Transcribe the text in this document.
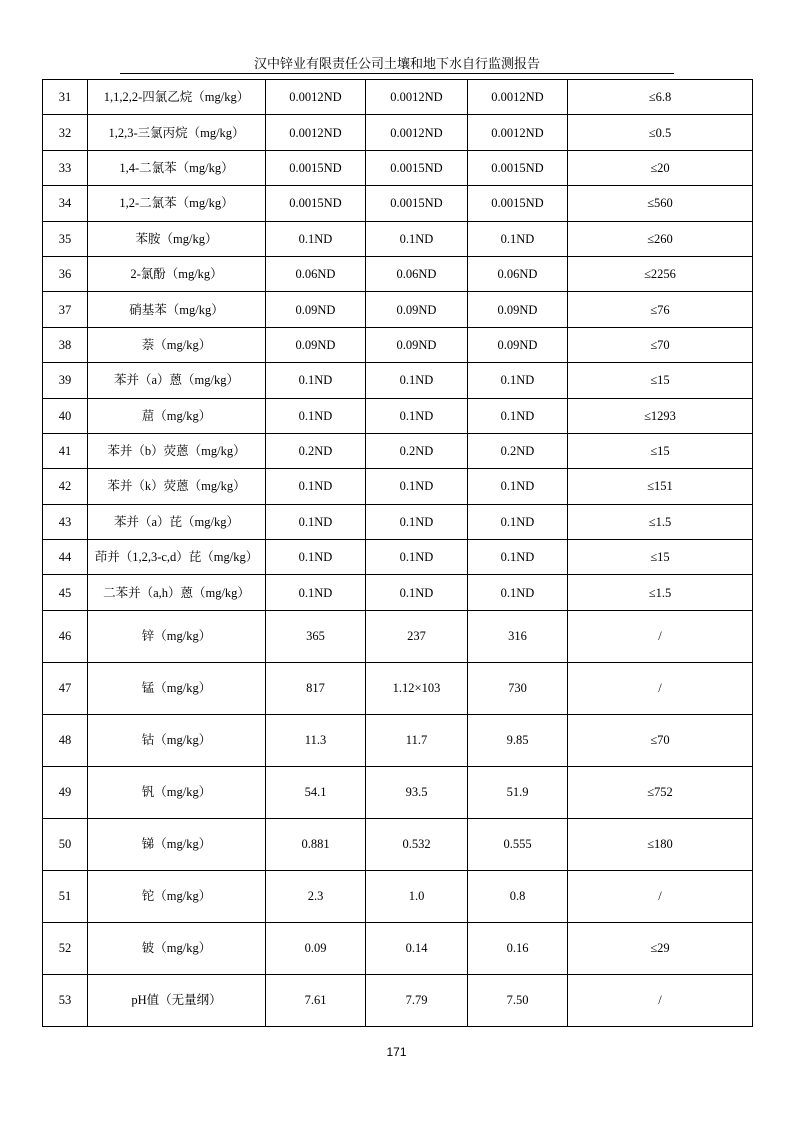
汉中锌业有限责任公司土壤和地下水自行监测报告
31	1,1,2,2-四氯乙烷（mg/kg）	0.0012ND	0.0012ND	0.0012ND	≤6.8
32	1,2,3-三氯丙烷（mg/kg）	0.0012ND	0.0012ND	0.0012ND	≤0.5
33	1,4-二氯苯（mg/kg）	0.0015ND	0.0015ND	0.0015ND	≤20
34	1,2-二氯苯（mg/kg）	0.0015ND	0.0015ND	0.0015ND	≤560
35	苯胺（mg/kg）	0.1ND	0.1ND	0.1ND	≤260
36	2-氯酚（mg/kg）	0.06ND	0.06ND	0.06ND	≤2256
37	硝基苯（mg/kg）	0.09ND	0.09ND	0.09ND	≤76
38	萘（mg/kg）	0.09ND	0.09ND	0.09ND	≤70
39	苯并（a）蒽（mg/kg）	0.1ND	0.1ND	0.1ND	≤15
40	䓛（mg/kg）	0.1ND	0.1ND	0.1ND	≤1293
41	苯并（b）荧蒽（mg/kg）	0.2ND	0.2ND	0.2ND	≤15
42	苯并（k）荧蒽（mg/kg）	0.1ND	0.1ND	0.1ND	≤151
43	苯并（a）芘（mg/kg）	0.1ND	0.1ND	0.1ND	≤1.5
44	茚并（1,2,3-c,d）芘（mg/kg）	0.1ND	0.1ND	0.1ND	≤15
45	二苯并（a,h）蒽（mg/kg）	0.1ND	0.1ND	0.1ND	≤1.5
46	锌（mg/kg）	365	237	316	/
47	锰（mg/kg）	817	1.12×103	730	/
48	钴（mg/kg）	11.3	11.7	9.85	≤70
49	钒（mg/kg）	54.1	93.5	51.9	≤752
50	锑（mg/kg）	0.881	0.532	0.555	≤180
51	铊（mg/kg）	2.3	1.0	0.8	/
52	铍（mg/kg）	0.09	0.14	0.16	≤29
53	pH值（无量纲）	7.61	7.79	7.50	/
171
